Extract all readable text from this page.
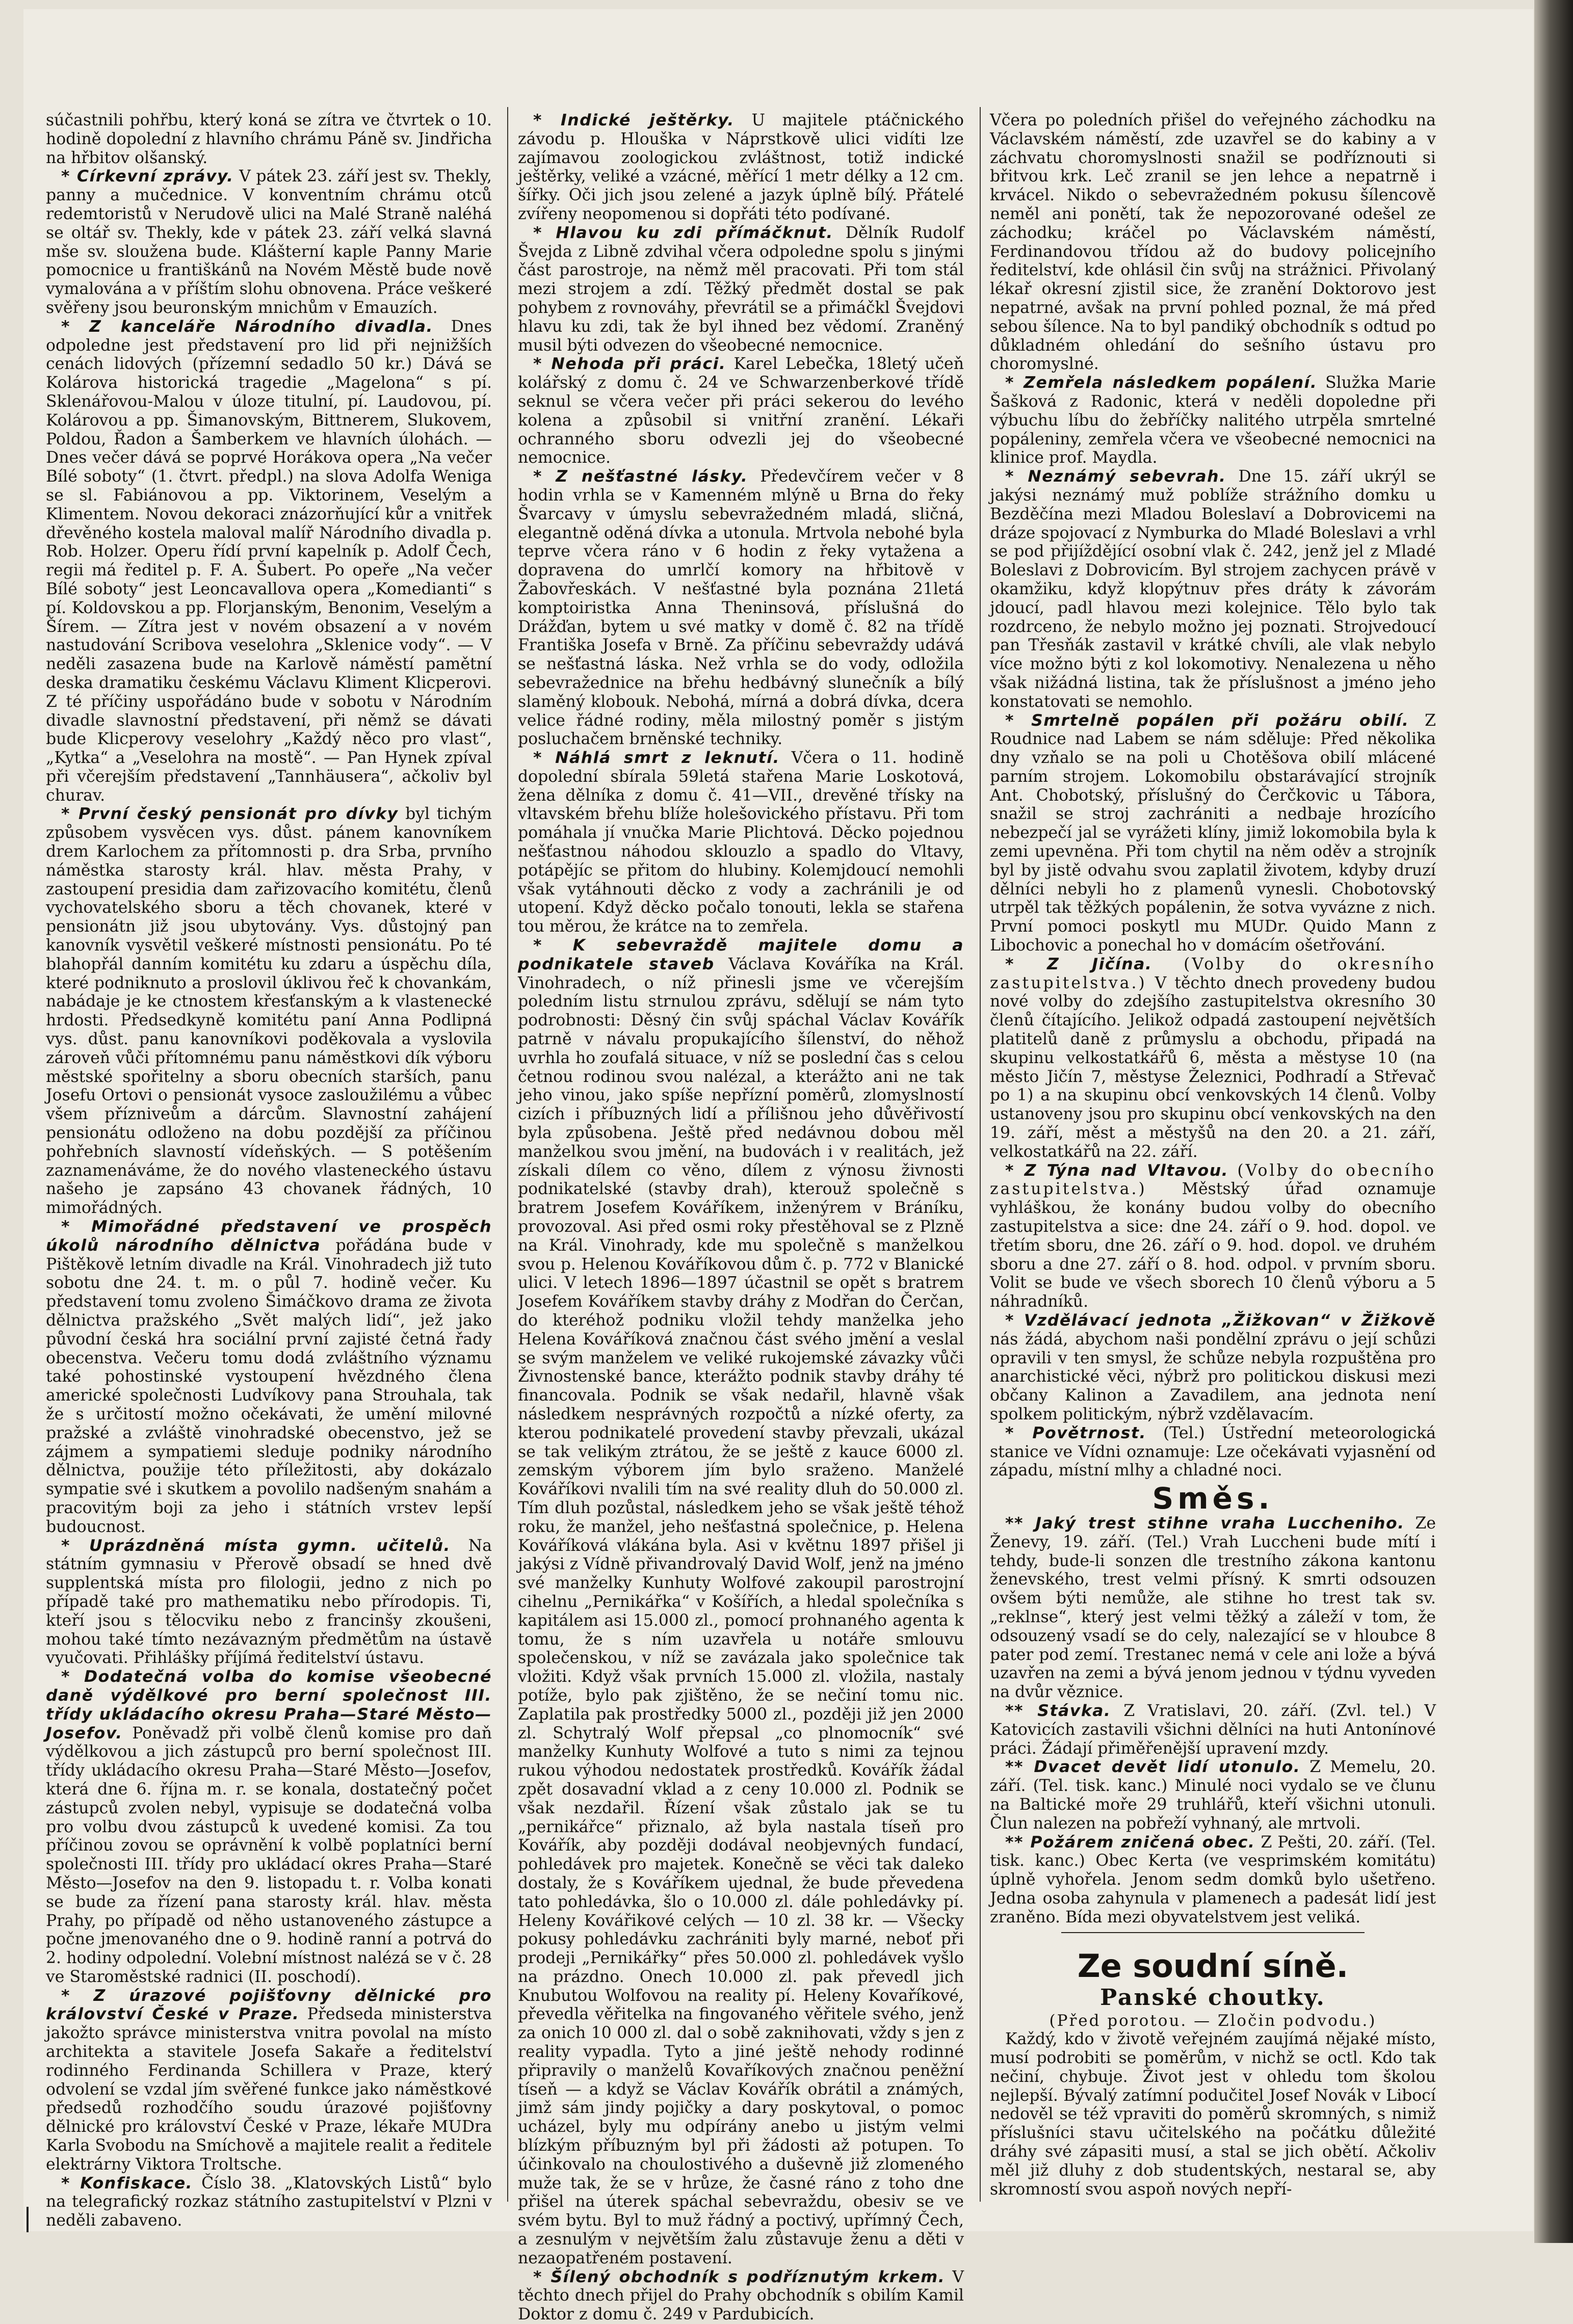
súčastnili pohřbu, který koná se zítra ve čtvrtek o 10. hodině dopolední z hlavního chrámu Páně sv. Jindřicha na hřbitov olšanský.

* Církevní zprávy. V pátek 23. září jest sv. Thekly, panny a mučednice. V konventním chrámu otců redemtoristů v Nerudově ulici na Malé Straně naléhá se oltář sv. Thekly, kde v pátek 23. září velká slavná mše sv. sloužena bude. Klášterní kaple Panny Marie pomocnice u františkánů na Novém Městě bude nově vymalována a v příštím slohu obnovena. Práce veškeré svěřeny jsou beuronským mnichům v Emauzích.

* Z kanceláře Národního divadla. Dnes odpoledne jest představení pro lid při nejnižších cenách lidových (přízemní sedadlo 50 kr.) Dává se Kolárova historická tragedie „Magelona“ s pí. Sklenářovou-Malou v úloze titulní, pí. Laudovou, pí. Kolárovou a pp. Šimanovským, Bittnerem, Slukovem, Poldou, Řadon a Šamberkem ve hlavních úlohách. — Dnes večer dává se poprvé Horákova opera „Na večer Bílé soboty“ (1. čtvrt. předpl.) na slova Adolfa Weniga se sl. Fabiánovou a pp. Viktorinem, Veselým a Klimentem. Novou dekoraci znázorňující kůr a vnitřek dřevěného kostela maloval malíř Národního divadla p. Rob. Holzer. Operu řídí první kapelník p. Adolf Čech, regii má ředitel p. F. A. Šubert. Po opeře „Na večer Bílé soboty“ jest Leoncavallova opera „Komedianti“ s pí. Koldovskou a pp. Florjanským, Benonim, Veselým a Šírem. — Zítra jest v novém obsazení a v novém nastudování Scribova veselohra „Sklenice vody“. — V neděli zasazena bude na Karlově náměstí pamětní deska dramatiku českému Václavu Kliment Klicperovi. Z té příčiny uspořádáno bude v sobotu v Národním divadle slavnostní představení, při němž se dávati bude Klicperovy veselohry „Každý něco pro vlast“, „Kytka“ a „Veselohra na mostě“. — Pan Hynek zpíval při včerejším představení „Tannhäusera“, ačkoliv byl churav.

* První český pensionát pro dívky byl tichým způsobem vysvěcen vys. důst. pánem kanovníkem drem Karlochem za přítomnosti p. dra Srba, prvního náměstka starosty král. hlav. města Prahy, v zastoupení presidia dam zařizovacího komitétu, členů vychovatelského sboru a těch chovanek, které v pensionátn již jsou ubytovány. Vys. důstojný pan kanovník vysvětil veškeré místnosti pensionátu. Po té blahopřál danním komitétu ku zdaru a úspěchu díla, které podniknuto a proslovil úklivou řeč k chovankám, nabádaje je ke ctnostem křesťanským a k vlastenecké hrdosti. Předsedkyně komitétu paní Anna Podlipná vys. důst. panu kanovníkovi poděkovala a vyslovila zároveň vůči přítomnému panu náměstkovi dík výboru městské spořitelny a sboru obecních starších, panu Josefu Ortovi o pensionát vysoce zasloužilému a vůbec všem přízniveům a dárcům. Slavnostní zahájení pensionátu odloženo na dobu pozdější za příčinou pohřebních slavností vídeňských. — S potěšením zaznamenáváme, že do nového vlasteneckého ústavu našeho je zapsáno 43 chovanek řádných, 10 mimořádných.

* Mimořádné představení ve prospěch úkolů národního dělnictva pořádána bude v Pištěkově letním divadle na Král. Vinohradech již tuto sobotu dne 24. t. m. o půl 7. hodině večer. Ku představení tomu zvoleno Šimáčkovo drama ze života dělnictva pražského „Svět malých lidí“, jež jako původní česká hra sociální první zajisté četná řady obecenstva. Večeru tomu dodá zvláštního významu také pohostinské vystoupení hvězdného člena americké společnosti Ludvíkovy pana Strouhala, tak že s určitostí možno očekávati, že umění milovné pražské a zvláště vinohradské obecenstvo, jež se zájmem a sympatiemi sleduje podniky národního dělnictva, použije této příležitosti, aby dokázalo sympatie své i skutkem a povolilo nadšeným snahám a pracovitým boji za jeho i státních vrstev lepší budoucnost.

* Uprázdněná místa gymn. učitelů. Na státním gymnasiu v Přerově obsadí se hned dvě supplentská místa pro filologii, jedno z nich po případě také pro mathematiku nebo přírodopis. Ti, kteří jsou s tělocviku nebo z francinšy zkoušeni, mohou také tímto nezávazným předmětům na ústavě vyučovati. Přihlášky příjímá ředitelství ústavu.

* Dodatečná volba do komise všeobecné daně výdělkové pro berní společnost III. třídy ukládacího okresu Praha—Staré Město—Josefov. Poněvadž při volbě členů komise pro daň výdělkovou a jich zástupců pro berní společnost III. třídy ukládacího okresu Praha—Staré Město—Josefov, která dne 6. října m. r. se konala, dostatečný počet zástupců zvolen nebyl, vypisuje se dodatečná volba pro volbu dvou zástupců k uvedené komisi. Za tou příčinou zovou se oprávnění k volbě poplatníci berní společnosti III. třídy pro ukládací okres Praha—Staré Město—Josefov na den 9. listopadu t. r. Volba konati se bude za řízení pana starosty král. hlav. města Prahy, po případě od něho ustanoveného zástupce a počne jmenovaného dne o 9. hodině ranní a potrvá do 2. hodiny odpolední. Volební místnost nalézá se v č. 28 ve Staroměstské radnici (II. poschodí).

* Z úrazové pojišťovny dělnické pro království České v Praze. Předseda ministerstva jakožto správce ministerstva vnitra povolal na místo architekta a stavitele Josefa Sakaře a ředitelství rodinného Ferdinanda Schillera v Praze, který odvolení se vzdal jím svěřené funkce jako náměstkové předsedů rozhodčího soudu úrazové pojišťovny dělnické pro království České v Praze, lékaře MUDra Karla Svobodu na Smíchově a majitele realit a ředitele elektrárny Viktora Troltsche.

* Konfiskace. Číslo 38. „Klatovských Listů“ bylo na telegrafický rozkaz státního zastupitelství v Plzni v neděli zabaveno.

* Indické ještěrky. U majitele ptáčnického závodu p. Hlouška v Náprstkově ulici vidíti lze zajímavou zoologickou zvláštnost, totiž indické ještěrky, veliké a vzácné, měřící 1 metr délky a 12 cm. šířky. Oči jich jsou zelené a jazyk úplně bílý. Přátelé zvířeny neopomenou si dopřáti této podívané.

* Hlavou ku zdi přímáčknut. Dělník Rudolf Švejda z Libně zdvihal včera odpoledne spolu s jinými část parostroje, na němž měl pracovati. Při tom stál mezi strojem a zdí. Těžký předmět dostal se pak pohybem z rovnováhy, převrátil se a přimáčkl Švejdovi hlavu ku zdi, tak že byl ihned bez vědomí. Zraněný musil býti odvezen do všeobecné nemocnice.

* Nehoda při práci. Karel Lebečka, 18letý učeň kolářský z domu č. 24 ve Schwarzenberkové třídě seknul se včera večer při práci sekerou do levého kolena a způsobil si vnitřní zranění. Lékaři ochranného sboru odvezli jej do všeobecné nemocnice.

* Z nešťastné lásky. Předevčírem večer v 8 hodin vrhla se v Kamenném mlýně u Brna do řeky Švarcavy v úmyslu sebevražedném mladá, sličná, elegantně oděná dívka a utonula. Mrtvola nebohé byla teprve včera ráno v 6 hodin z řeky vytažena a dopravena do umrlčí komory na hřbitově v Žabovřeskách. V nešťastné byla poznána 21letá komptoiristka Anna Theninsová, příslušná do Drážďan, bytem u své matky v domě č. 82 na třídě Františka Josefa v Brně. Za příčinu sebevraždy udává se nešťastná láska. Než vrhla se do vody, odložila sebevražednice na břehu hedbávný slunečník a bílý slaměný klobouk. Nebohá, mírná a dobrá dívka, dcera velice řádné rodiny, měla milostný poměr s jistým posluchačem brněnské techniky.

* Náhlá smrt z leknutí. Včera o 11. hodině dopolední sbírala 59letá stařena Marie Loskotová, žena dělníka z domu č. 41—VII., drevěné třísky na vltavském břehu blíže holešovického přístavu. Při tom pomáhala jí vnučka Marie Plichtová. Děcko pojednou nešťastnou náhodou sklouzlo a spadlo do Vltavy, potápějíc se přitom do hlubiny. Kolemjdoucí nemohli však vytáhnouti děcko z vody a zachránili je od utopení. Když děcko počalo tonouti, lekla se stařena tou měrou, že krátce na to zemřela.

* K sebevraždě majitele domu a podnikatele staveb Václava Kováříka na Král. Vinohradech, o níž přinesli jsme ve včerejším poledním listu strnulou zprávu, sdělují se nám tyto podrobnosti: Děsný čin svůj spáchal Václav Kovářík patrně v návalu propukajícího šílenství, do něhož uvrhla ho zoufalá situace, v níž se poslední čas s celou četnou rodinou svou nalézal, a kterážto ani ne tak jeho vinou, jako spíše nepřízní poměrů, zlomyslností cizích i příbuzných lidí a přílišnou jeho důvěřivostí byla způsobena. Ještě před nedávnou dobou měl manželkou svou jmění, na budovách i v realitách, jež získali dílem co věno, dílem z výnosu živnosti podnikatelské (stavby drah), kterouž společně s bratrem Josefem Kováříkem, inženýrem v Bráníku, provozoval. Asi před osmi roky přestěhoval se z Plzně na Král. Vinohrady, kde mu společně s manželkou svou p. Helenou Kováříkovou dům č. p. 772 v Blanické ulici. V letech 1896—1897 účastnil se opět s bratrem Josefem Kováříkem stavby dráhy z Modřan do Čerčan, do kteréhož podniku vložil tehdy manželka jeho Helena Kováříková značnou část svého jmění a veslal se svým manželem ve veliké rukojemské závazky vůči Živnostenské bance, kterážto podnik stavby dráhy té financovala. Podnik se však nedařil, hlavně však následkem nesprávných rozpočtů a nízké oferty, za kterou podnikatelé provedení stavby převzali, ukázal se tak velikým ztrátou, že se ještě z kauce 6000 zl. zemským výborem jím bylo sraženo. Manželé Kováříkovi nvalili tím na své reality dluh do 50.000 zl. Tím dluh pozůstal, následkem jeho se však ještě téhož roku, že manžel, jeho nešťastná společnice, p. Helena Kováříková vlákána byla. Asi v květnu 1897 přišel ji jakýsi z Vídně přivandrovalý David Wolf, jenž na jméno své manželky Kunhuty Wolfové zakoupil parostrojní cihelnu „Pernikářka“ v Košířích, a hledal společníka s kapitálem asi 15.000 zl., pomocí prohnaného agenta k tomu, že s ním uzavřela u notáře smlouvu společenskou, v níž se zavázala jako společnice tak vložiti. Když však prvních 15.000 zl. vložila, nastaly potíže, bylo pak zjištěno, že se nečiní tomu nic. Zaplatila pak prostředky 5000 zl., později již jen 2000 zl. Schytralý Wolf přepsal „co plnomocník“ své manželky Kunhuty Wolfové a tuto s nimi za tejnou rukou výhodou nedostatek prostředků. Kovářík žádal zpět dosavadní vklad a z ceny 10.000 zl. Podnik se však nezdařil. Řízení však zůstalo jak se tu „pernikářce“ přiznalo, až byla nastala tíseň pro Kovářík, aby později dodával neobjevných fundací, pohledávek pro majetek. Konečně se věci tak daleko dostaly, že s Kováříkem ujednal, že bude převedena tato pohledávka, šlo o 10.000 zl. dále pohledávky pí. Heleny Kovářikové celých — 10 zl. 38 kr. — Všecky pokusy pohledávku zachrániti byly marné, neboť při prodeji „Pernikářky“ přes 50.000 zl. pohledávek vyšlo na prázdno. Onech 10.000 zl. pak převedl jich Knubutou Wolfovou na reality pí. Heleny Kovaříkové, převedla věřitelka na fingovaného věřitele svého, jenž za onich 10 000 zl. dal o sobě zaknihovati, vždy s jen z reality vypadla. Tyto a jiné ještě nehody rodinné připravily o manželů Kovaříkových značnou peněžní tíseň — a když se Václav Kovářík obrátil a známých, jimž sám jindy pojičky a dary poskytoval, o pomoc ucházel, byly mu odpírány anebo u jistým velmi blízkým příbuzným byl při žádosti až potupen. To účinkovalo na choulostivého a duševně již zlomeného muže tak, že se v hrůze, že časné ráno z toho dne přišel na úterek spáchal sebevraždu, obesiv se ve svém bytu. Byl to muž řádný a poctivý, upřímný Čech, a zesnulým v největším žalu zůstavuje ženu a děti v nezaopatřeném postavení.

* Šílený obchodník s podříznutým krkem. V těchto dnech přijel do Prahy obchodník s obilím Kamil Doktor z domu č. 249 v Pardubicích.

Včera po poledních přišel do veřejného záchodku na Václavském náměstí, zde uzavřel se do kabiny a v záchvatu choromyslnosti snažil se podříznouti si břitvou krk. Leč zranil se jen lehce a nepatrně i krvácel. Nikdo o sebevražedném pokusu šílencově neměl ani ponětí, tak že nepozorované odešel ze záchodku; kráčel po Václavském náměstí, Ferdinandovou třídou až do budovy policejního ředitelství, kde ohlásil čin svůj na strážnici. Přivolaný lékař okresní zjistil sice, že zranění Doktorovo jest nepatrné, avšak na první pohled poznal, že má před sebou šílence. Na to byl pandiký obchodník s odtud po důkladném ohledání do sešního ústavu pro choromyslné.

* Zemřela následkem popálení. Služka Marie Šašková z Radonic, která v neděli dopoledne při výbuchu líbu do žebříčky nalitého utrpěla smrtelné popáleniny, zemřela včera ve všeobecné nemocnici na klinice prof. Maydla.

* Neznámý sebevrah. Dne 15. září ukrýl se jakýsi neznámý muž poblíže strážního domku u Bezděčína mezi Mladou Boleslaví a Dobrovicemi na dráze spojovací z Nymburka do Mladé Boleslavi a vrhl se pod přijíždějící osobní vlak č. 242, jenž jel z Mladé Boleslavi z Dobrovicím. Byl strojem zachycen právě v okamžiku, když klopýtnuv přes dráty k závorám jdoucí, padl hlavou mezi kolejnice. Tělo bylo tak rozdrceno, že nebylo možno jej poznati. Strojvedoucí pan Třesňák zastavil v krátké chvíli, ale vlak nebylo více možno býti z kol lokomotivy. Nenalezena u něho však nižádná listina, tak že příslušnost a jméno jeho konstatovati se nemohlo.

* Smrtelně popálen při požáru obilí. Z Roudnice nad Labem se nám sděluje: Před několika dny vzňalo se na poli u Chotěšova obilí mlácené parním strojem. Lokomobilu obstarávající strojník Ant. Chobotský, příslušný do Čerčkovic u Tábora, snažil se stroj zachrániti a nedbaje hrozícího nebezpečí jal se vyrážeti klíny, jimiž lokomobila byla k zemi upevněna. Při tom chytil na něm oděv a strojník byl by jistě odvahu svou zaplatil životem, kdyby druzí dělníci nebyli ho z plamenů vynesli. Chobotovský utrpěl tak těžkých popálenin, že sotva vyvázne z nich. První pomoci poskytl mu MUDr. Quido Mann z Libochovic a ponechal ho v domácím ošetřování.

* Z Jičína. (Volby do okresního zastupitelstva.) V těchto dnech provedeny budou nové volby do zdejšího zastupitelstva okresního 30 členů čítajícího. Jelikož odpadá zastoupení největších platitelů daně z průmyslu a obchodu, připadá na skupinu velkostatkářů 6, města a městyse 10 (na město Jičín 7, městyse Železnici, Podhradí a Střevač po 1) a na skupinu obcí venkovských 14 členů. Volby ustanoveny jsou pro skupinu obcí venkovských na den 19. září, měst a městyšů na den 20. a 21. září, velkostatkářů na 22. září.

* Z Týna nad Vltavou. (Volby do obecního zastupitelstva.) Městský úřad oznamuje vyhláškou, že konány budou volby do obecního zastupitelstva a sice: dne 24. září o 9. hod. dopol. ve třetím sboru, dne 26. září o 9. hod. dopol. ve druhém sboru a dne 27. září o 8. hod. odpol. v prvním sboru. Volit se bude ve všech sborech 10 členů výboru a 5 náhradníků.

* Vzdělávací jednota „Žižkovan“ v Žižkově nás žádá, abychom naši pondělní zprávu o její schůzi opravili v ten smysl, že schůze nebyla rozpuštěna pro anarchistické věci, nýbrž pro politickou diskusi mezi občany Kalinon a Zavadilem, ana jednota není spolkem politickým, nýbrž vzdělavacím.

* Povětrnost. (Tel.) Ústřední meteorologická stanice ve Vídni oznamuje: Lze očekávati vyjasnění od západu, místní mlhy a chladné noci.

Směs.

** Jaký trest stihne vraha Luccheniho. Ze Ženevy, 19. září. (Tel.) Vrah Luccheni bude mítí i tehdy, bude-li sonzen dle trestního zákona kantonu ženevského, trest velmi přísný. K smrti odsouzen ovšem býti nemůže, ale stihne ho trest tak sv. „reklnse“, který jest velmi těžký a záleží v tom, že odsouzený vsadí se do cely, nalezající se v hloubce 8 pater pod zemí. Trestanec nemá v cele ani lože a bývá uzavřen na zemi a bývá jenom jednou v týdnu vyveden na dvůr věznice.

** Stávka. Z Vratislavi, 20. září. (Zvl. tel.) V Katovicích zastavili všichni dělníci na huti Antonínové práci. Žádají přiměřenější upravení mzdy.

** Dvacet devět lidí utonulo. Z Memelu, 20. září. (Tel. tisk. kanc.) Minulé noci vydalo se ve člunu na Baltické moře 29 truhlářů, kteří všichni utonuli. Člun nalezen na pobřeží vyhnaný, ale mrtvoli.

** Požárem zničená obec. Z Pešti, 20. září. (Tel. tisk. kanc.) Obec Kerta (ve vesprimském komitátu) úplně vyhořela. Jenom sedm domků bylo ušetřeno. Jedna osoba zahynula v plamenech a padesát lidí jest zraněno. Bída mezi obyvatelstvem jest veliká.

Ze soudní síně.
Panské choutky.
(Před porotou. — Zločin podvodu.)

Každý, kdo v životě veřejném zaujímá nějaké místo, musí podrobiti se poměrům, v nichž se octl. Kdo tak nečiní, chybuje. Život jest v ohledu tom školou nejlepší. Bývalý zatímní podučitel Josef Novák v Libocí nedověl se též vpraviti do poměrů skromných, s nimiž příslušníci stavu učitelského na počátku důležité dráhy své zápasiti musí, a stal se jich obětí. Ačkoliv měl již dluhy z dob studentských, nestaral se, aby skromností svou aspoň nových nepří-
